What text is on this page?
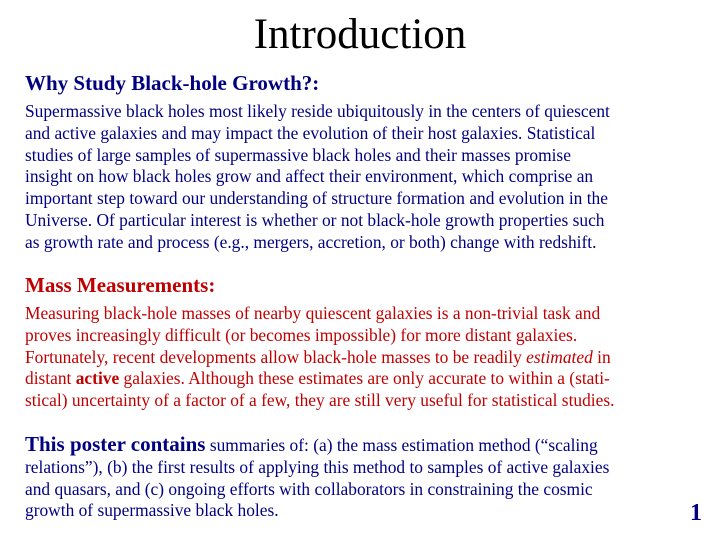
Introduction
Why Study Black-hole Growth?:
Supermassive black holes most likely reside ubiquitously in the centers of quiescent
and active galaxies and may impact the evolution of their host galaxies. Statistical
studies of large samples of supermassive black holes and their masses promise
insight on how black holes grow and affect their environment, which comprise an
important step toward our understanding of structure formation and evolution in the
Universe. Of particular interest is whether or not black-hole growth properties such
as growth rate and process (e.g., mergers, accretion, or both) change with redshift.
Mass Measurements:
Measuring black-hole masses of nearby quiescent galaxies is a non-trivial task and
proves increasingly difficult (or becomes impossible) for more distant galaxies.
Fortunately, recent developments allow black-hole masses to be readily estimated in
distant active galaxies. Although these estimates are only accurate to within a (stati-
stical) uncertainty of a factor of a few, they are still very useful for statistical studies.
This poster contains summaries of: (a) the mass estimation method (“scaling
relations”), (b) the first results of applying this method to samples of active galaxies
and quasars, and (c) ongoing efforts with collaborators in constraining the cosmic
growth of supermassive black holes.	1
